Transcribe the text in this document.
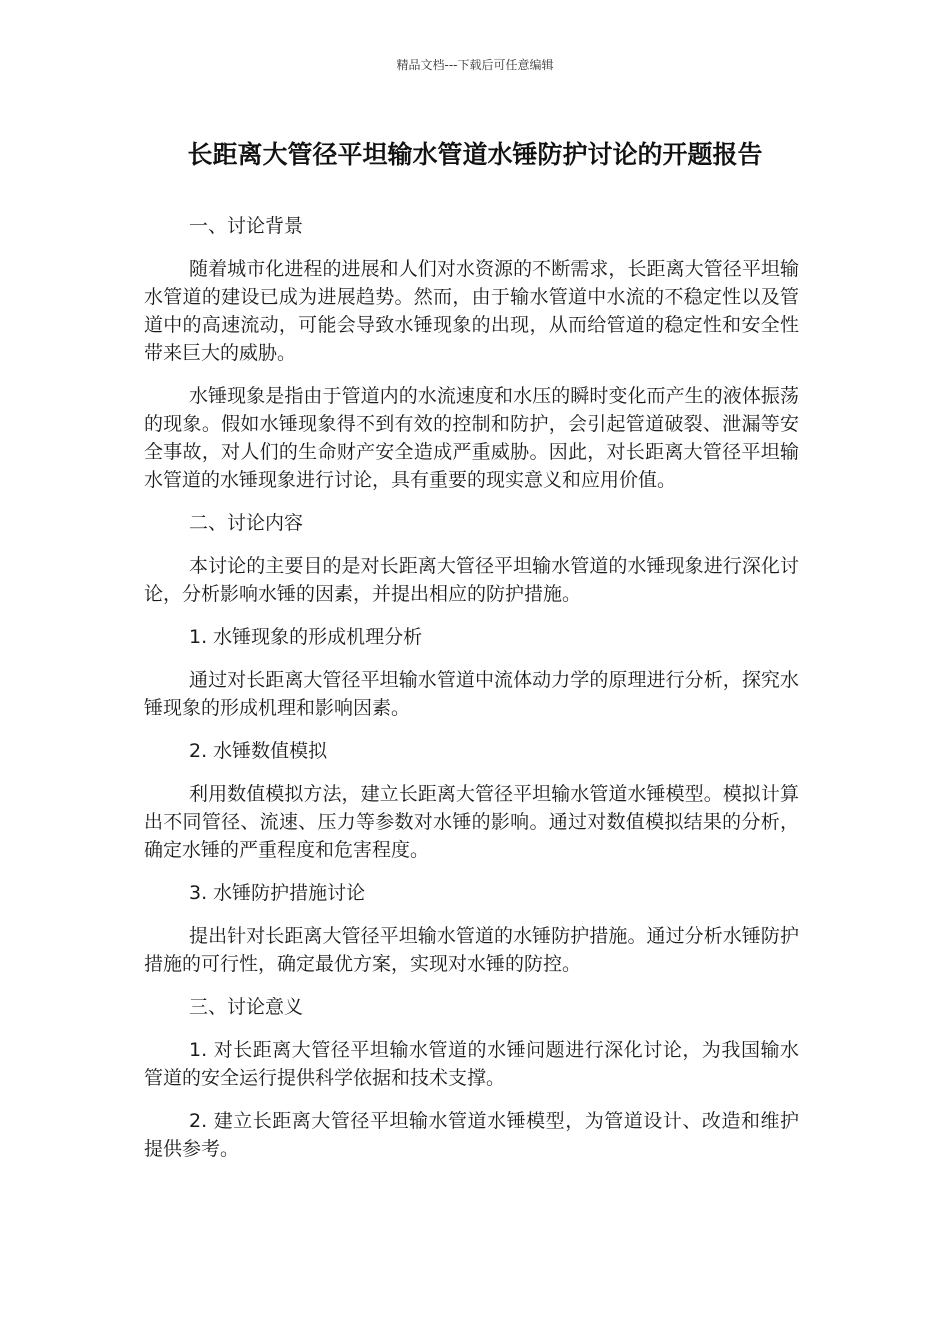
精品文档---下载后可任意编辑
长距离大管径平坦输水管道水锤防护讨论的开题报告

一、讨论背景

随着城市化进程的进展和人们对水资源的不断需求，长距离大管径平坦输水管道的建设已成为进展趋势。然而，由于输水管道中水流的不稳定性以及管道中的高速流动，可能会导致水锤现象的出现，从而给管道的稳定性和安全性带来巨大的威胁。

水锤现象是指由于管道内的水流速度和水压的瞬时变化而产生的液体振荡的现象。假如水锤现象得不到有效的控制和防护，会引起管道破裂、泄漏等安全事故，对人们的生命财产安全造成严重威胁。因此，对长距离大管径平坦输水管道的水锤现象进行讨论，具有重要的现实意义和应用价值。

二、讨论内容

本讨论的主要目的是对长距离大管径平坦输水管道的水锤现象进行深化讨论，分析影响水锤的因素，并提出相应的防护措施。

1. 水锤现象的形成机理分析

通过对长距离大管径平坦输水管道中流体动力学的原理进行分析，探究水锤现象的形成机理和影响因素。

2. 水锤数值模拟

利用数值模拟方法，建立长距离大管径平坦输水管道水锤模型。模拟计算出不同管径、流速、压力等参数对水锤的影响。通过对数值模拟结果的分析，确定水锤的严重程度和危害程度。

3. 水锤防护措施讨论

提出针对长距离大管径平坦输水管道的水锤防护措施。通过分析水锤防护措施的可行性，确定最优方案，实现对水锤的防控。

三、讨论意义

1. 对长距离大管径平坦输水管道的水锤问题进行深化讨论，为我国输水管道的安全运行提供科学依据和技术支撑。

2. 建立长距离大管径平坦输水管道水锤模型，为管道设计、改造和维护提供参考。
